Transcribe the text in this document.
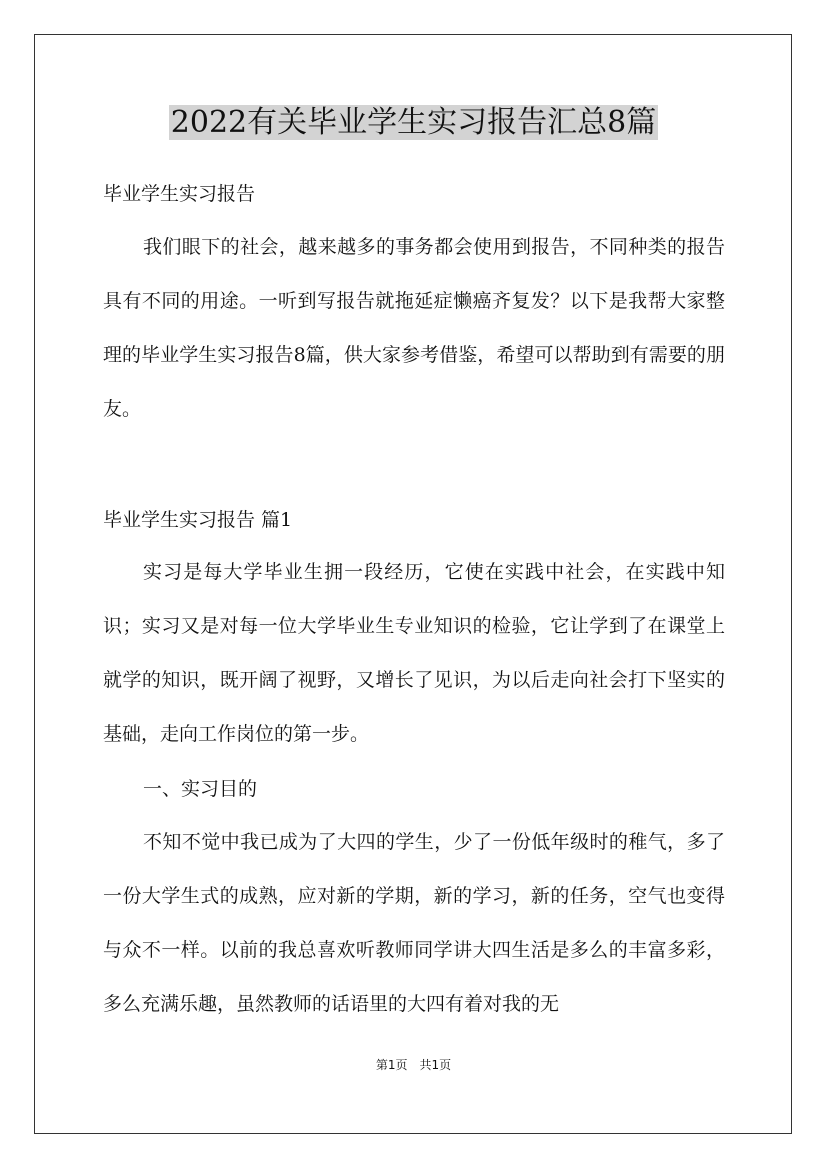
2022有关毕业学生实习报告汇总8篇

毕业学生实习报告

我们眼下的社会，越来越多的事务都会使用到报告，不同种类的报告具有不同的用途。一听到写报告就拖延症懒癌齐复发？以下是我帮大家整理的毕业学生实习报告8篇，供大家参考借鉴，希望可以帮助到有需要的朋友。

毕业学生实习报告 篇1

实习是每大学毕业生拥一段经历，它使在实践中社会，在实践中知识；实习又是对每一位大学毕业生专业知识的检验，它让学到了在课堂上就学的知识，既开阔了视野，又增长了见识，为以后走向社会打下坚实的基础，走向工作岗位的第一步。

一、实习目的

不知不觉中我已成为了大四的学生，少了一份低年级时的稚气，多了一份大学生式的成熟，应对新的学期，新的学习，新的任务，空气也变得与众不一样。以前的我总喜欢听教师同学讲大四生活是多么的丰富多彩，多么充满乐趣，虽然教师的话语里的大四有着对我的无

第1页　共1页
